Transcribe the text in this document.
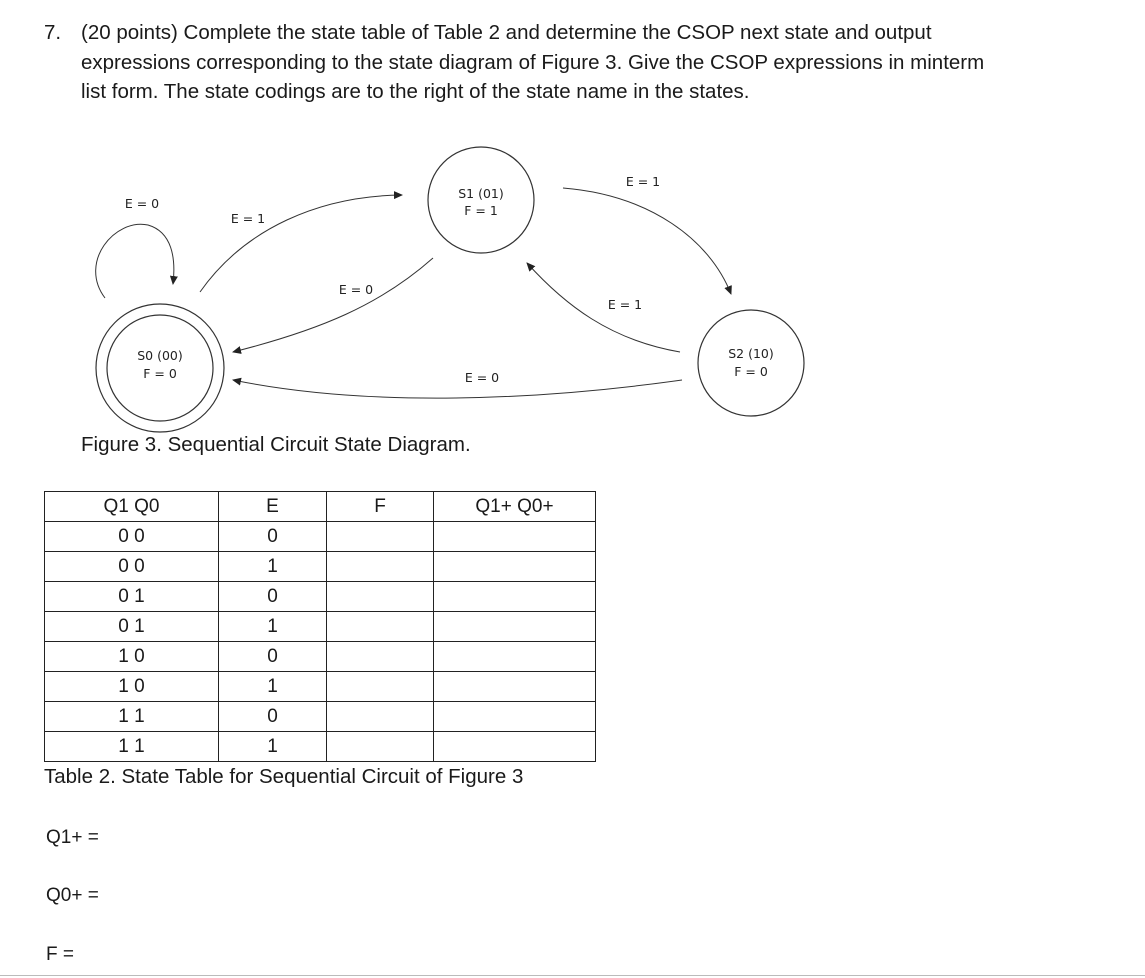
7. (20 points) Complete the state table of Table 2 and determine the CSOP next state and output expressions corresponding to the state diagram of Figure 3. Give the CSOP expressions in minterm list form. The state codings are to the right of the state name in the states.
S0 (00)
F = 0
S1 (01)
F = 1
S2 (10)
F = 0
E = 0
E = 1
E = 0
E = 1
E = 1
E = 0
Figure 3. Sequential Circuit State Diagram.
Q1 Q0	E	F	Q1+ Q0+
0 0	0		
0 0	1		
0 1	0		
0 1	1		
1 0	0		
1 0	1		
1 1	0		
1 1	1		
Table 2. State Table for Sequential Circuit of Figure 3
Q1+ =
Q0+ =
F =
